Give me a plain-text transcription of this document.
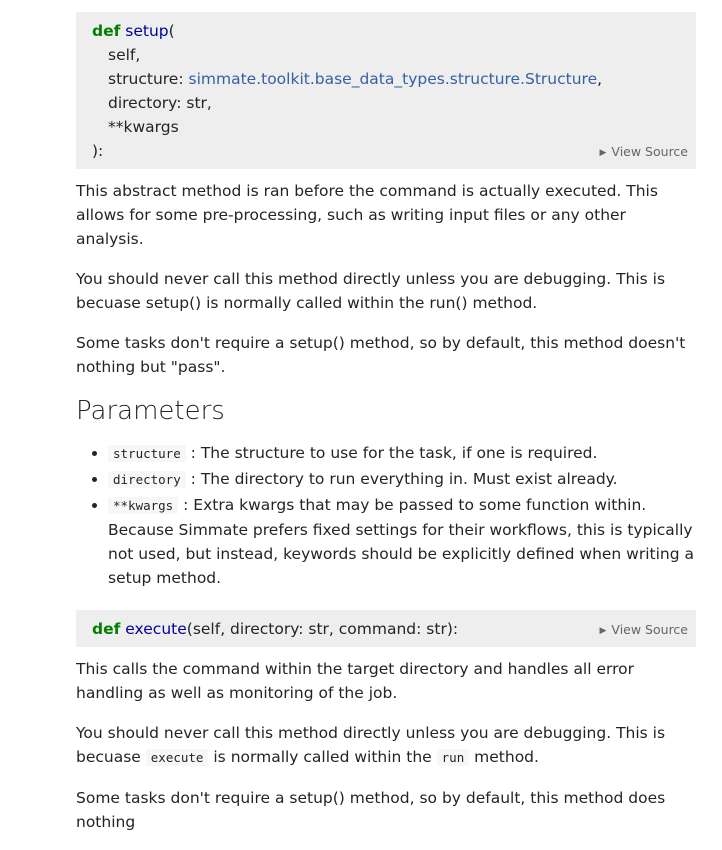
def setup(
self,
structure: simmate.toolkit.base_data_types.structure.Structure,
directory: str,
**kwargs
):	▶ View Source

This abstract method is ran before the command is actually executed. This allows for some pre-processing, such as writing input files or any other analysis.

You should never call this method directly unless you are debugging. This is becuase setup() is normally called within the run() method.

Some tasks don't require a setup() method, so by default, this method doesn't nothing but "pass".

Parameters
• structure : The structure to use for the task, if one is required.
• directory : The directory to run everything in. Must exist already.
• **kwargs : Extra kwargs that may be passed to some function within. Because Simmate prefers fixed settings for their workflows, this is typically not used, but instead, keywords should be explicitly defined when writing a setup method.
def execute(self, directory: str, command: str):	▶ View Source

This calls the command within the target directory and handles all error handling as well as monitoring of the job.

You should never call this method directly unless you are debugging. This is becuase execute is normally called within the run method.

Some tasks don't require a setup() method, so by default, this method does nothing
